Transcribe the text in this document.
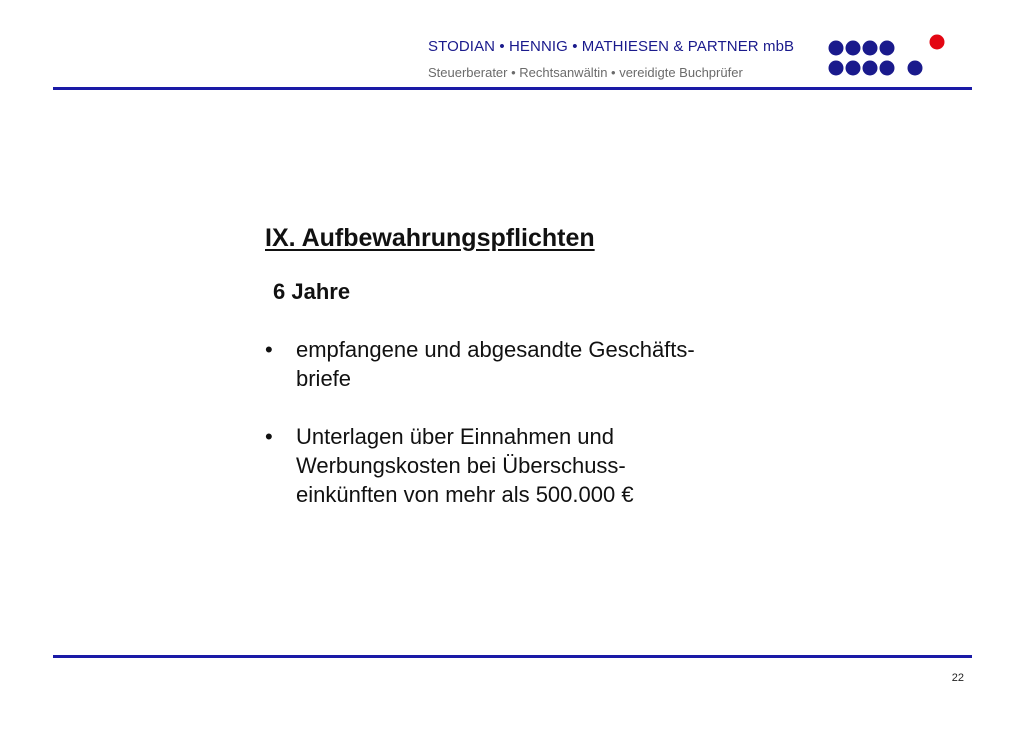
STODIAN • HENNIG • MATHIESEN & PARTNER mbB
Steuerberater • Rechtsanwältin • vereidigte Buchprüfer
IX. Aufbewahrungspflichten
6 Jahre
• empfangene und abgesandte Geschäfts-
briefe
• Unterlagen über Einnahmen und
Werbungskosten bei Überschuss-
einkünften von mehr als 500.000 €
22
